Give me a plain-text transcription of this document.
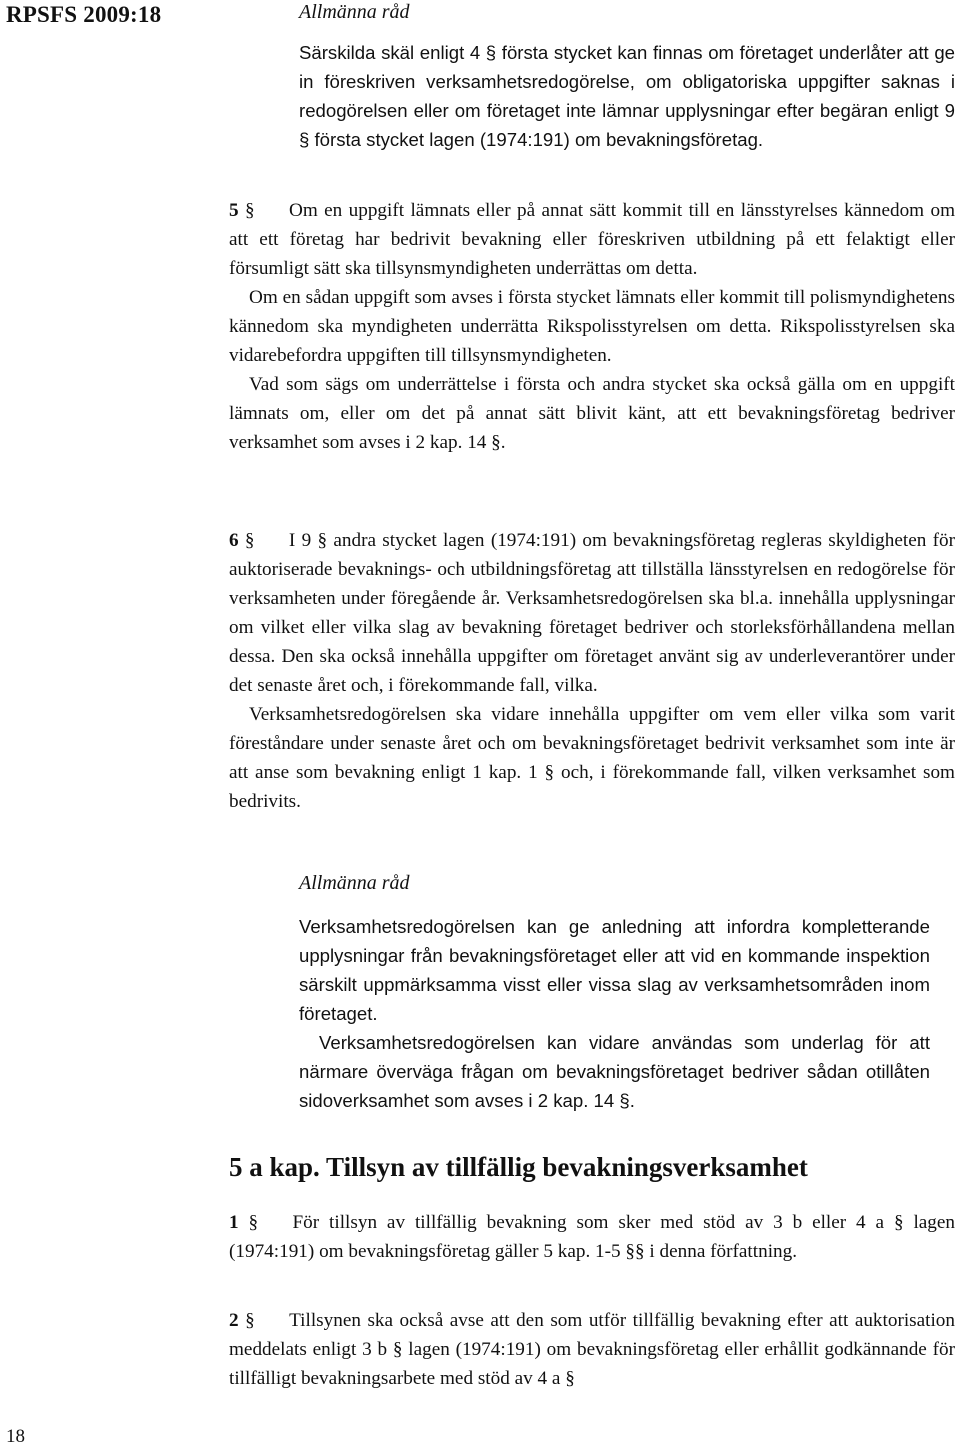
RPSFS 2009:18	Allmänna råd

Särskilda skäl enligt 4 § första stycket kan finnas om företaget underlåter att ge in föreskriven verksamhetsredogörelse, om obligatoriska uppgifter saknas i redogörelsen eller om företaget inte lämnar upplysningar efter begäran enligt 9 § första stycket lagen (1974:191) om bevakningsföretag.

5 § Om en uppgift lämnats eller på annat sätt kommit till en länsstyrelses kännedom om att ett företag har bedrivit bevakning eller föreskriven utbildning på ett felaktigt eller försumligt sätt ska tillsynsmyndigheten underrättas om detta.

Om en sådan uppgift som avses i första stycket lämnats eller kommit till polismyndighetens kännedom ska myndigheten underrätta Rikspolisstyrelsen om detta. Rikspolisstyrelsen ska vidarebefordra uppgiften till tillsynsmyndigheten.

Vad som sägs om underrättelse i första och andra stycket ska också gälla om en uppgift lämnats om, eller om det på annat sätt blivit känt, att ett bevakningsföretag bedriver verksamhet som avses i 2 kap. 14 §.

6 § I 9 § andra stycket lagen (1974:191) om bevakningsföretag regleras skyldigheten för auktoriserade bevaknings- och utbildningsföretag att tillställa länsstyrelsen en redogörelse för verksamheten under föregående år. Verksamhetsredogörelsen ska bl.a. innehålla upplysningar om vilket eller vilka slag av bevakning företaget bedriver och storleksförhållandena mellan dessa. Den ska också innehålla uppgifter om företaget använt sig av underleverantörer under det senaste året och, i förekommande fall, vilka.

Verksamhetsredogörelsen ska vidare innehålla uppgifter om vem eller vilka som varit föreståndare under senaste året och om bevakningsföretaget bedrivit verksamhet som inte är att anse som bevakning enligt 1 kap. 1 § och, i förekommande fall, vilken verksamhet som bedrivits.

Allmänna råd

Verksamhetsredogörelsen kan ge anledning att infordra kompletterande upplysningar från bevakningsföretaget eller att vid en kommande inspektion särskilt uppmärksamma visst eller vissa slag av verksamhetsområden inom företaget.

Verksamhetsredogörelsen kan vidare användas som underlag för att närmare överväga frågan om bevakningsföretaget bedriver sådan otillåten sidoverksamhet som avses i 2 kap. 14 §.

5 a kap. Tillsyn av tillfällig bevakningsverksamhet

1 § För tillsyn av tillfällig bevakning som sker med stöd av 3 b eller 4 a § lagen (1974:191) om bevakningsföretag gäller 5 kap. 1-5 §§ i denna författning.

2 § Tillsynen ska också avse att den som utför tillfällig bevakning efter att auktorisation meddelats enligt 3 b § lagen (1974:191) om bevakningsföretag eller erhållit godkännande för tillfälligt bevakningsarbete med stöd av 4 a §

18
